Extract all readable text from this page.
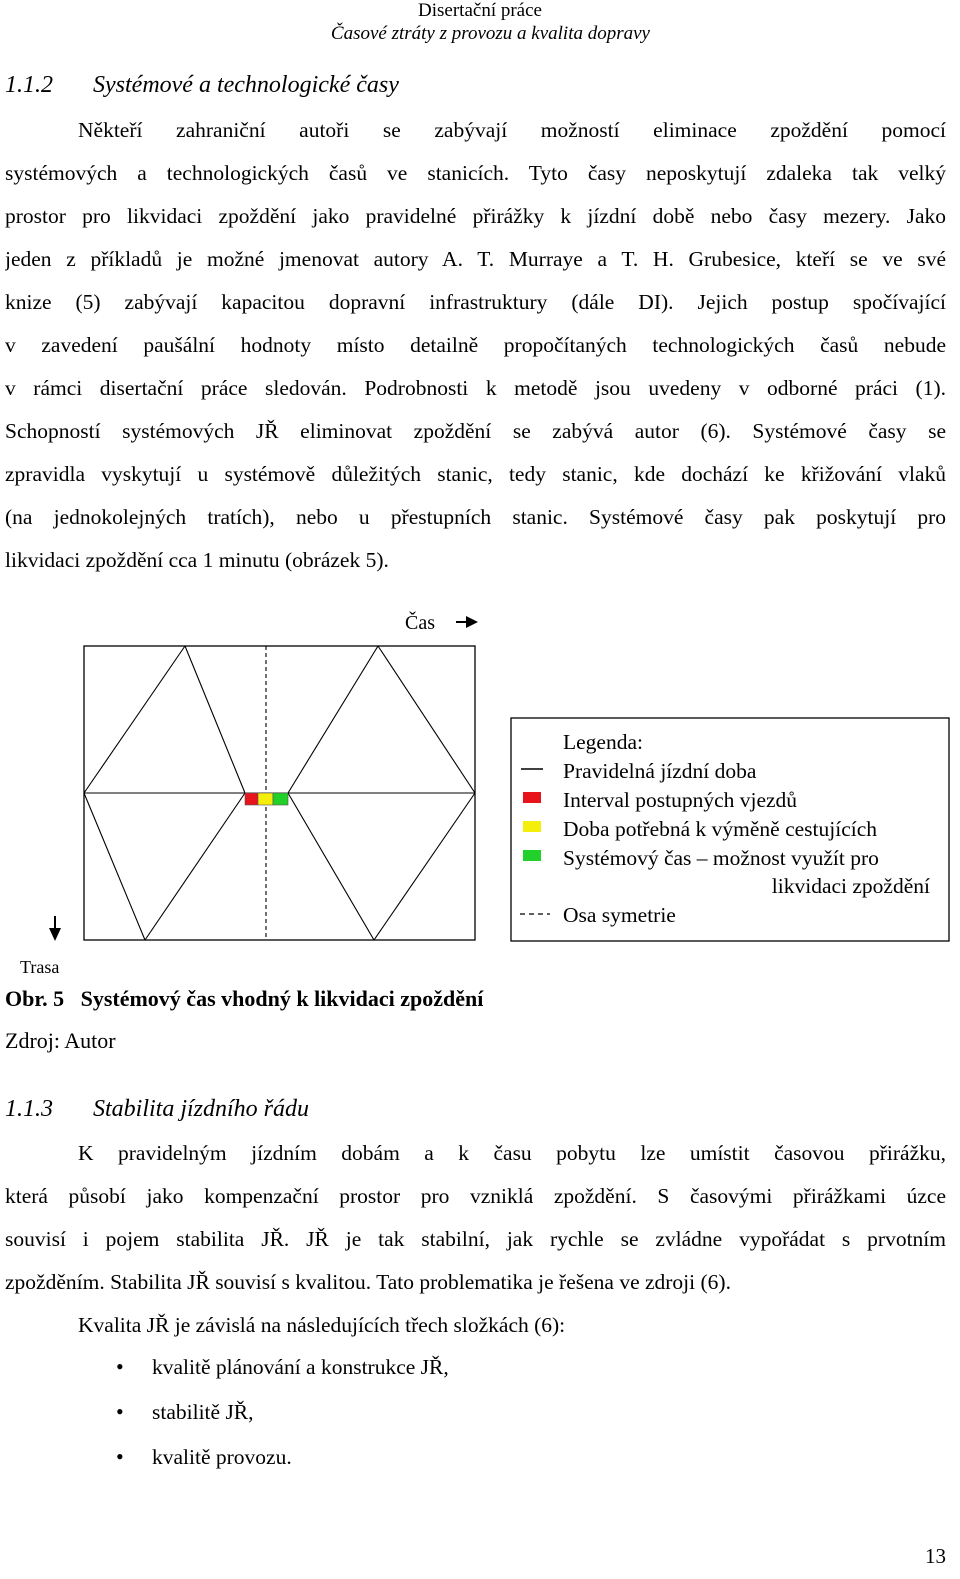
Disertační práce
Časové ztráty z provozu a kvalita dopravy
1.1.2 Systémové a technologické časy
Někteří zahraniční autoři se zabývají možností eliminace zpoždění pomocí
systémových a technologických časů ve stanicích. Tyto časy neposkytují zdaleka tak velký
prostor pro likvidaci zpoždění jako pravidelné přirážky k jízdní době nebo časy mezery. Jako
jeden z příkladů je možné jmenovat autory A. T. Murraye a T. H. Grubesice, kteří se ve své
knize (5) zabývají kapacitou dopravní infrastruktury (dále DI). Jejich postup spočívající
v zavedení paušální hodnoty místo detailně propočítaných technologických časů nebude
v rámci disertační práce sledován. Podrobnosti k metodě jsou uvedeny v odborné práci (1).
Schopností systémových JŘ eliminovat zpoždění se zabývá autor (6). Systémové časy se
zpravidla vyskytují u systémově důležitých stanic, tedy stanic, kde dochází ke křižování vlaků
(na jednokolejných tratích), nebo u přestupních stanic. Systémové časy pak poskytují pro
likvidaci zpoždění cca 1 minutu (obrázek 5).
Čas
Legenda:
Pravidelná jízdní doba
Interval postupných vjezdů
Doba potřebná k výměně cestujících
Systémový čas – možnost využít pro
likvidaci zpoždění
Osa symetrie
Trasa
Obr. 5   Systémový čas vhodný k likvidaci zpoždění
Zdroj: Autor
1.1.3 Stabilita jízdního řádu
K pravidelným jízdním dobám a k času pobytu lze umístit časovou přirážku,
která působí jako kompenzační prostor pro vzniklá zpoždění. S časovými přirážkami úzce
souvisí i pojem stabilita JŘ. JŘ je tak stabilní, jak rychle se zvládne vypořádat s prvotním
zpožděním. Stabilita JŘ souvisí s kvalitou. Tato problematika je řešena ve zdroji (6).
Kvalita JŘ je závislá na následujících třech složkách (6):
• kvalitě plánování a konstrukce JŘ,
• stabilitě JŘ,
• kvalitě provozu.
13
